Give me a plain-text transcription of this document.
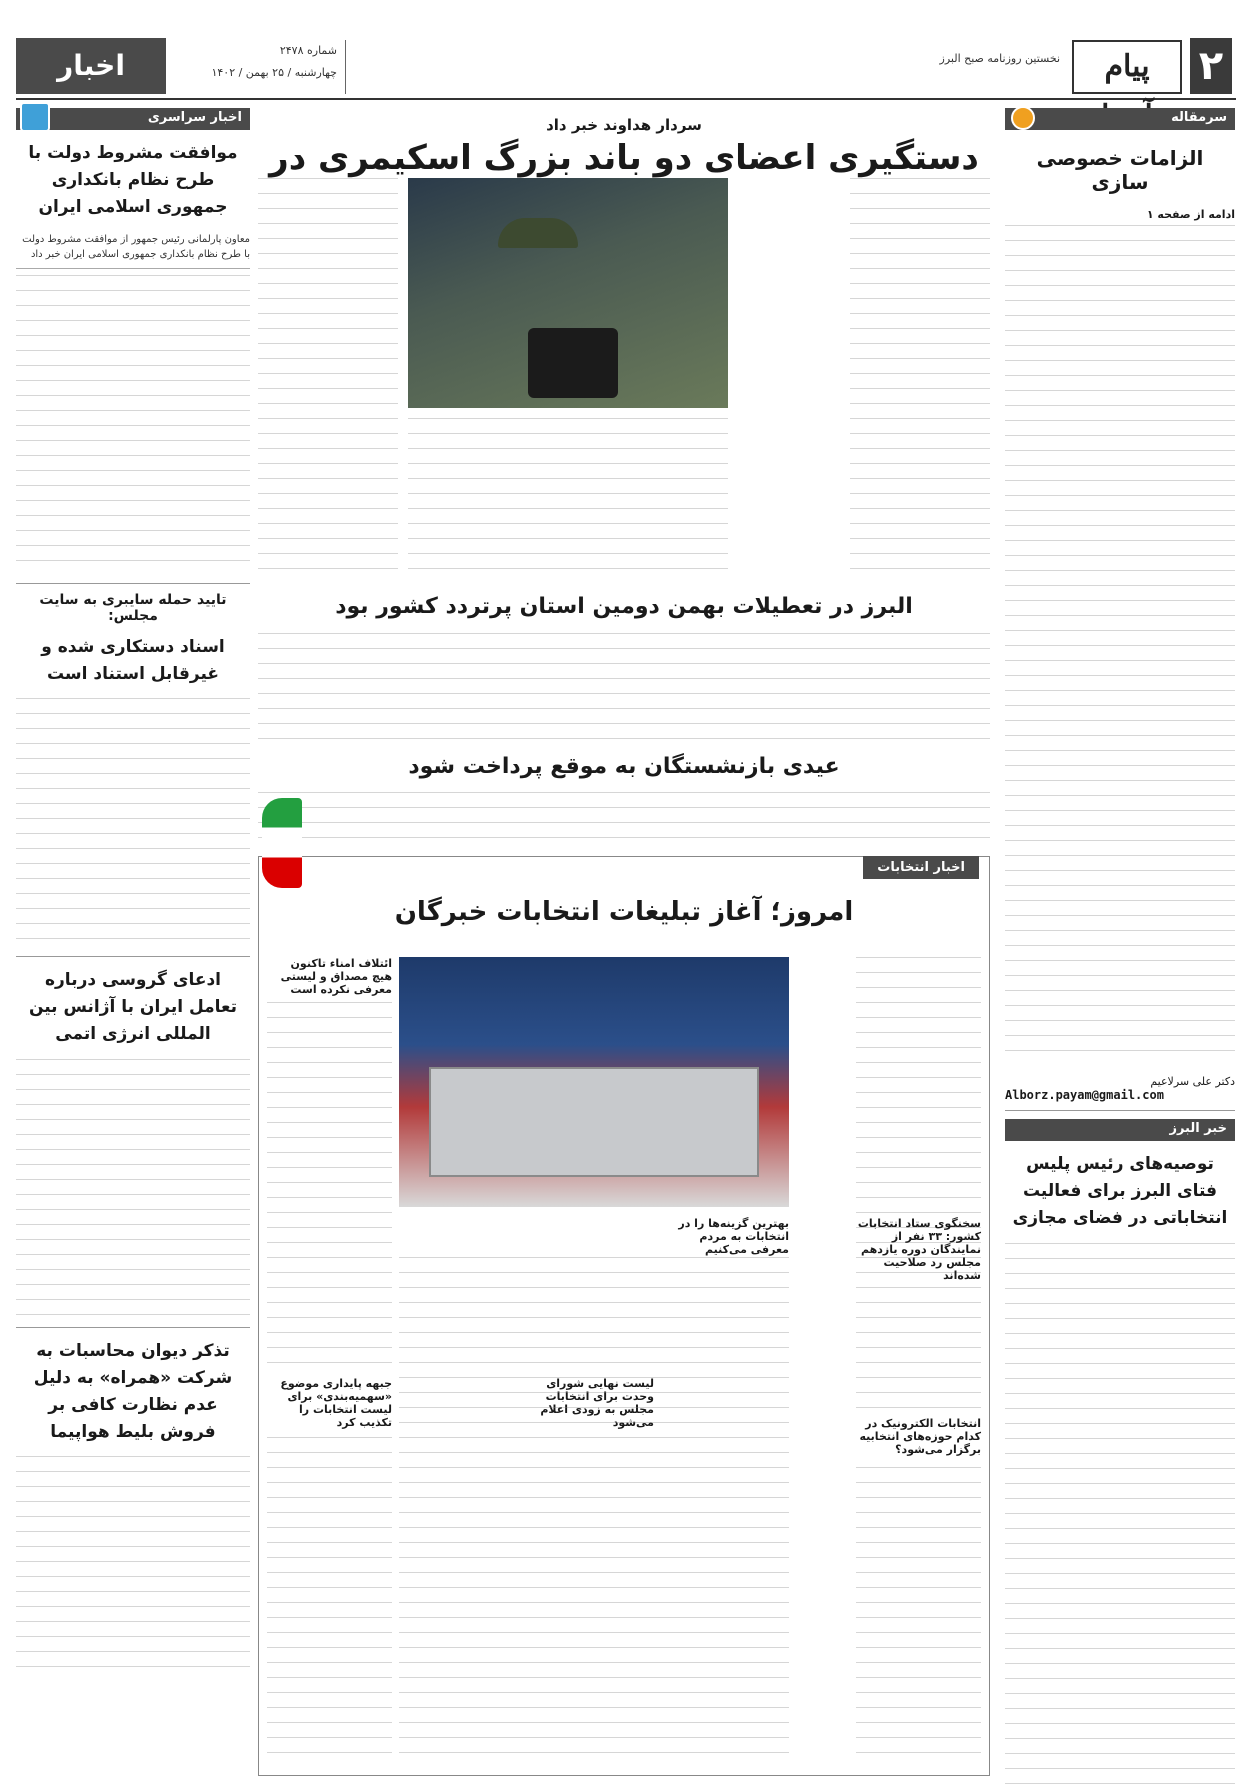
۲
پیام
نخستین روزنامه صبح البرز
شماره ۲۴۷۸
چهارشنبه / ۲۵ بهمن / ۱۴۰۲
اخبار
سرمقاله
الزامات خصوصی سازی
ادامه از صفحه ۱
دکتر علی سرلاعیم
Alborz.payam@gmail.com
خبر البرز
توصیه‌های رئیس پلیس فتای البرز برای فعالیت انتخاباتی در فضای مجازی
اخبار سراسری
موافقت مشروط دولت با طرح نظام بانکداری جمهوری اسلامی ایران
معاون پارلمانی رئیس جمهور از موافقت مشروط دولت با طرح نظام بانکداری جمهوری اسلامی ایران خبر داد
تایید حمله سایبری به سایت مجلس:
اسناد دستکاری شده و غیرقابل استناد است
ادعای گروسی درباره تعامل ایران با آژانس بین المللی انرژی اتمی
تذکر دیوان محاسبات به شرکت «همراه» به دلیل عدم نظارت کافی بر فروش بلیط هواپیما
سردار هداوند خبر داد
دستگیری اعضای دو باند بزرگ اسکیمری در
البرز در تعطیلات بهمن دومین استان پرتردد کشور بود
عیدی بازنشستگان به موقع پرداخت شود
اخبار انتخابات
امروز؛ آغاز تبلیغات انتخابات خبرگان
سخنگوی ستاد انتخابات کشور: ۳۳ نفر از نمایندگان دوره یازدهم مجلس رد صلاحیت شده‌اند
بهترین گزینه‌ها را در انتخابات به مردم معرفی می‌کنیم
ائتلاف امناء تاکنون هیچ مصداق و لیستی معرفی نکرده است
انتخابات الکترونیک در کدام حوزه‌های انتخابیه برگزار می‌شود؟
جبهه پایداری موضوع «سهمیه‌بندی» برای لیست انتخابات را تکذیب کرد
لیست نهایی شورای وحدت برای انتخابات مجلس به زودی اعلام می‌شود
